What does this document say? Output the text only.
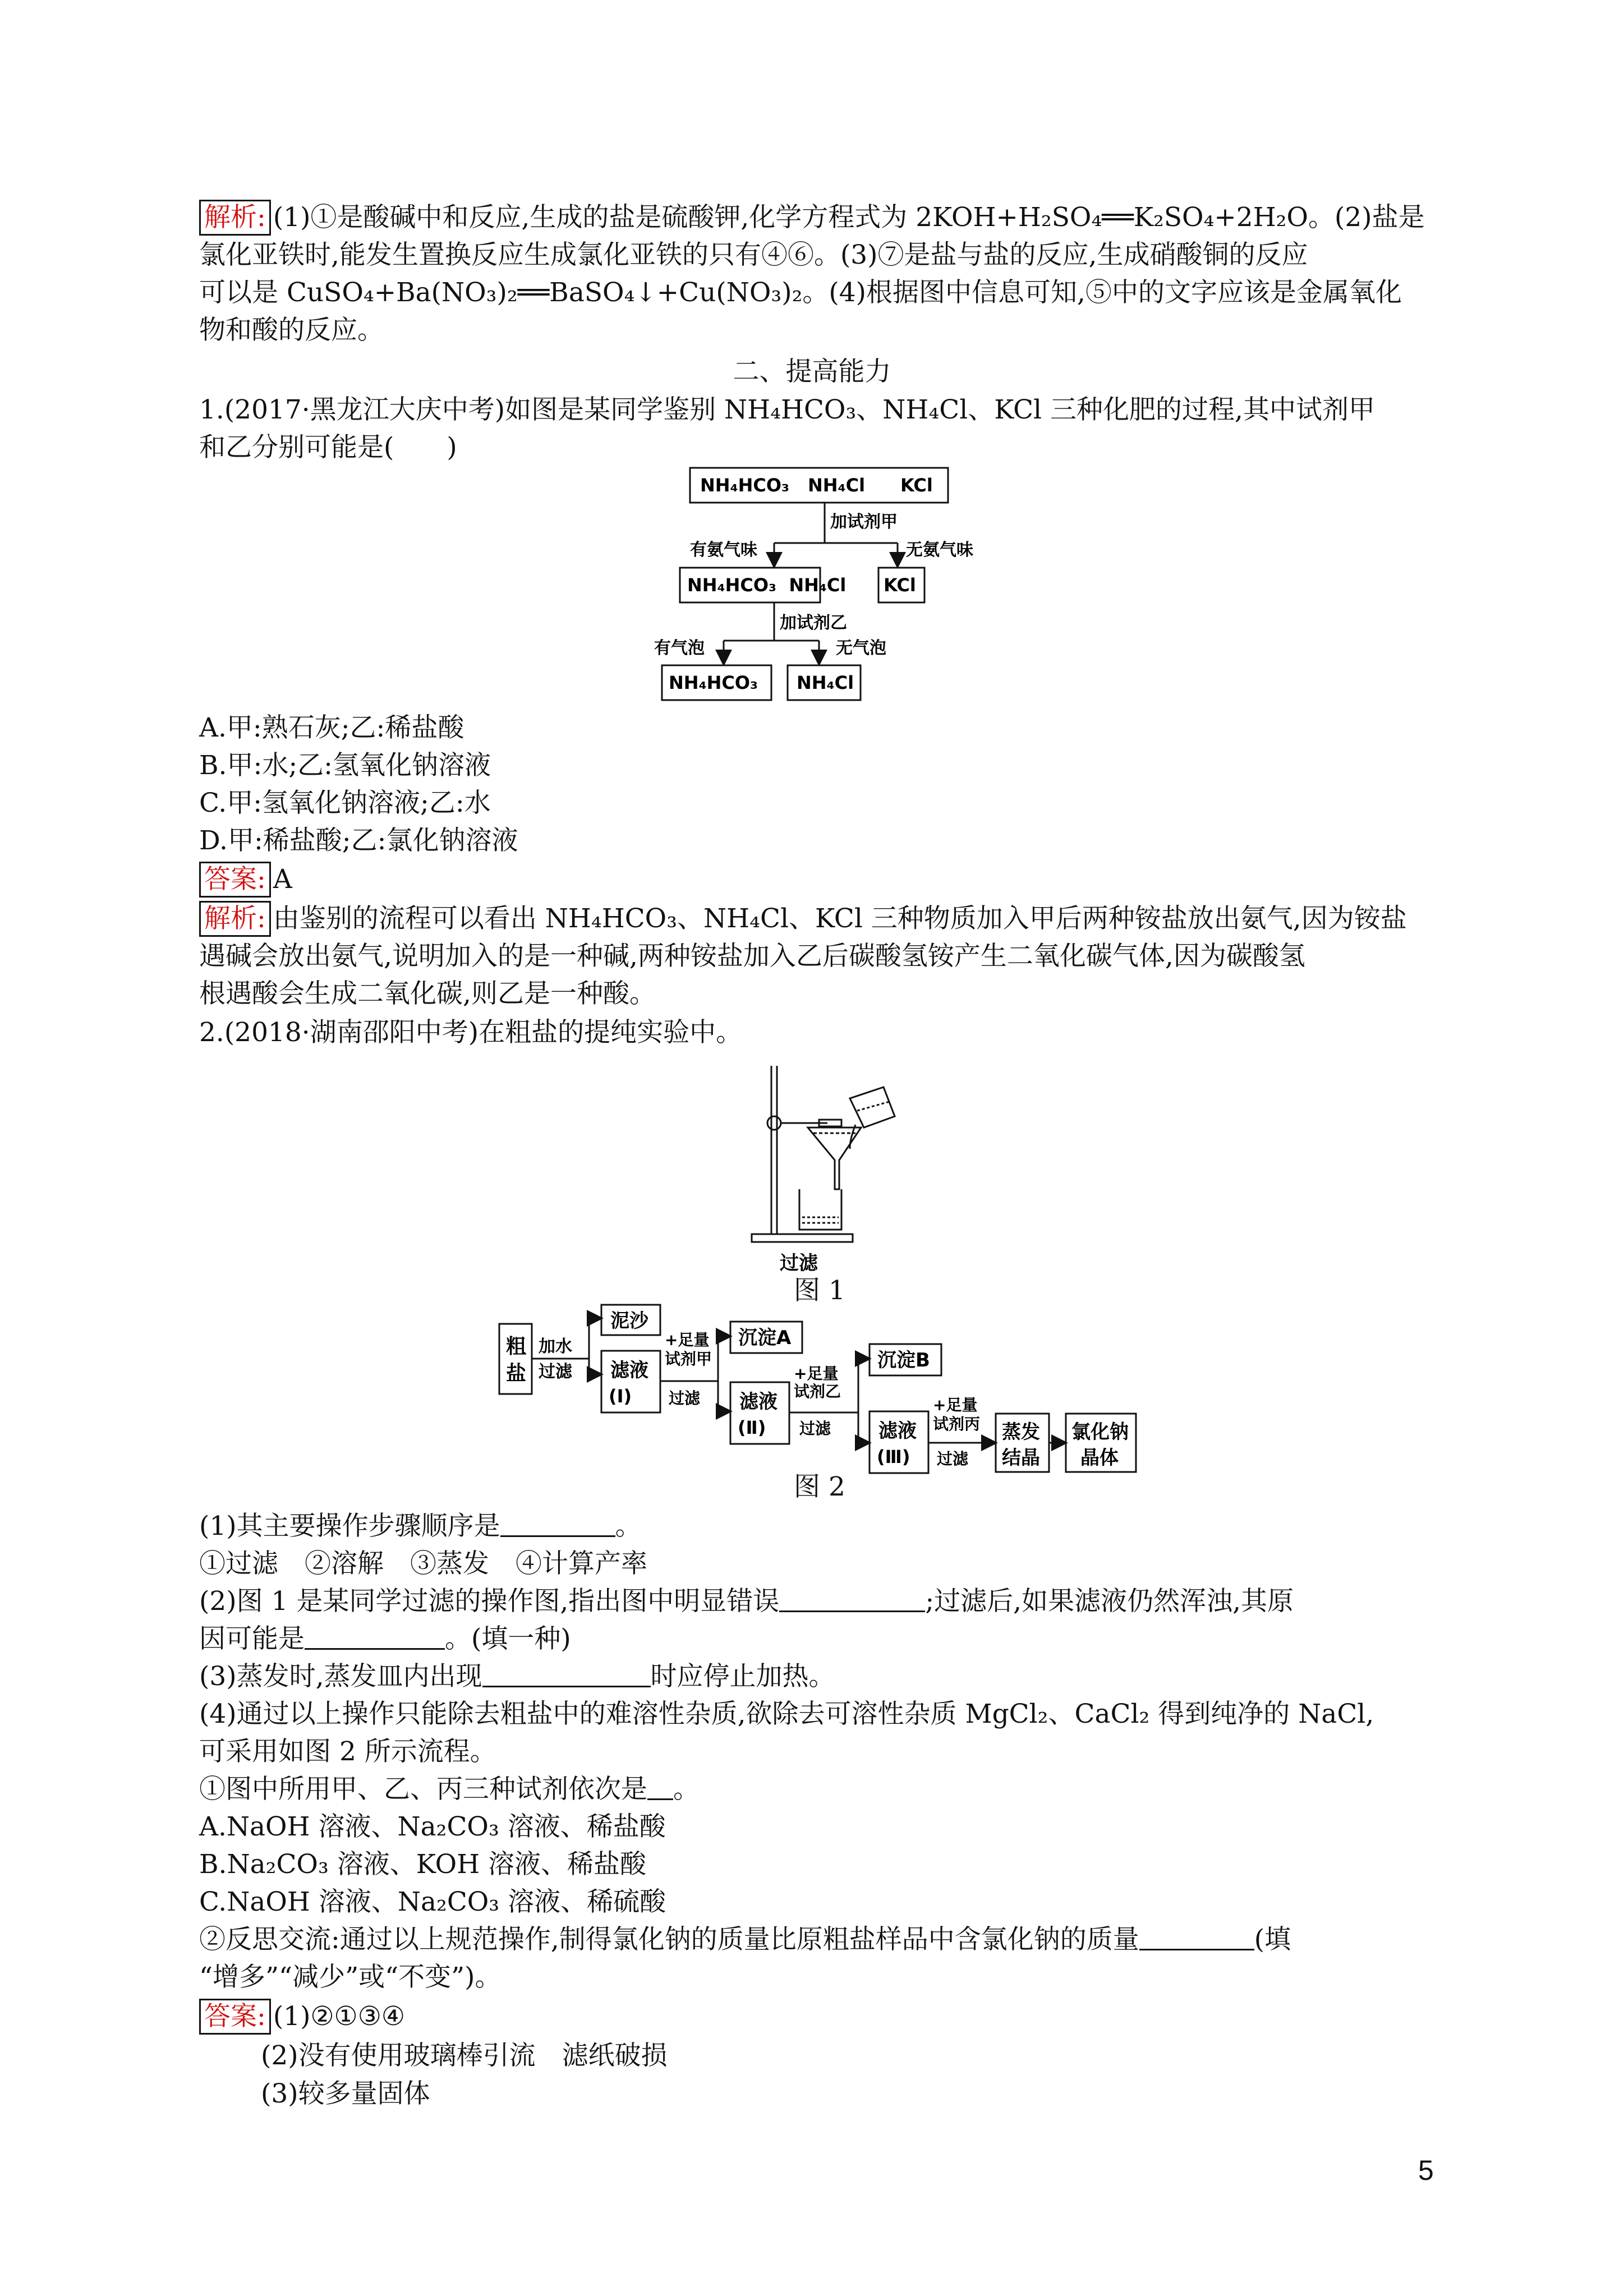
解析: (1)①是酸碱中和反应,生成的盐是硫酸钾,化学方程式为 2KOH+H₂SO₄══K₂SO₄+2H₂O。(2)盐是
氯化亚铁时,能发生置换反应生成氯化亚铁的只有④⑥。(3)⑦是盐与盐的反应,生成硝酸铜的反应
可以是 CuSO₄+Ba(NO₃)₂══BaSO₄↓+Cu(NO₃)₂。(4)根据图中信息可知,⑤中的文字应该是金属氧化
物和酸的反应。
二、提高能力
1.(2017·黑龙江大庆中考)如图是某同学鉴别 NH₄HCO₃、NH₄Cl、KCl 三种化肥的过程,其中试剂甲
和乙分别可能是(　　)
NH₄HCO₃ NH₄Cl KCl
加试剂甲
有氨气味	无氨气味
NH₄HCO₃  NH₄Cl KCl
加试剂乙
有气泡	无气泡
NH₄HCO₃ NH₄Cl
A.甲:熟石灰;乙:稀盐酸
B.甲:水;乙:氢氧化钠溶液
C.甲:氢氧化钠溶液;乙:水
D.甲:稀盐酸;乙:氯化钠溶液
答案: A
解析: 由鉴别的流程可以看出 NH₄HCO₃、NH₄Cl、KCl 三种物质加入甲后两种铵盐放出氨气,因为铵盐
遇碱会放出氨气,说明加入的是一种碱,两种铵盐加入乙后碳酸氢铵产生二氧化碳气体,因为碳酸氢
根遇酸会生成二氧化碳,则乙是一种酸。
2.(2018·湖南邵阳中考)在粗盐的提纯实验中。
过滤
图 1
粗
盐
加水
过滤
泥沙
滤液
(Ⅰ)
+足量
试剂甲
过滤
沉淀A
滤液
(Ⅱ)
+足量
试剂乙
过滤
沉淀B
滤液
(Ⅲ)
+足量
试剂丙
过滤
蒸发
结晶
氯化钠
晶体
图 2
(1)其主要操作步骤顺序是	。
①过滤　②溶解　③蒸发　④计算产率
(2)图 1 是某同学过滤的操作图,指出图中明显错误	;过滤后,如果滤液仍然浑浊,其原
因可能是	。(填一种)
(3)蒸发时,蒸发皿内出现	时应停止加热。
(4)通过以上操作只能除去粗盐中的难溶性杂质,欲除去可溶性杂质 MgCl₂、CaCl₂ 得到纯净的 NaCl,
可采用如图 2 所示流程。
①图中所用甲、乙、丙三种试剂依次是 。
A.NaOH 溶液、Na₂CO₃ 溶液、稀盐酸
B.Na₂CO₃ 溶液、KOH 溶液、稀盐酸
C.NaOH 溶液、Na₂CO₃ 溶液、稀硫酸
②反思交流:通过以上规范操作,制得氯化钠的质量比原粗盐样品中含氯化钠的质量	(填
“增多”“减少”或“不变”)。
答案: (1)②①③④
(2)没有使用玻璃棒引流　滤纸破损
(3)较多量固体
5
